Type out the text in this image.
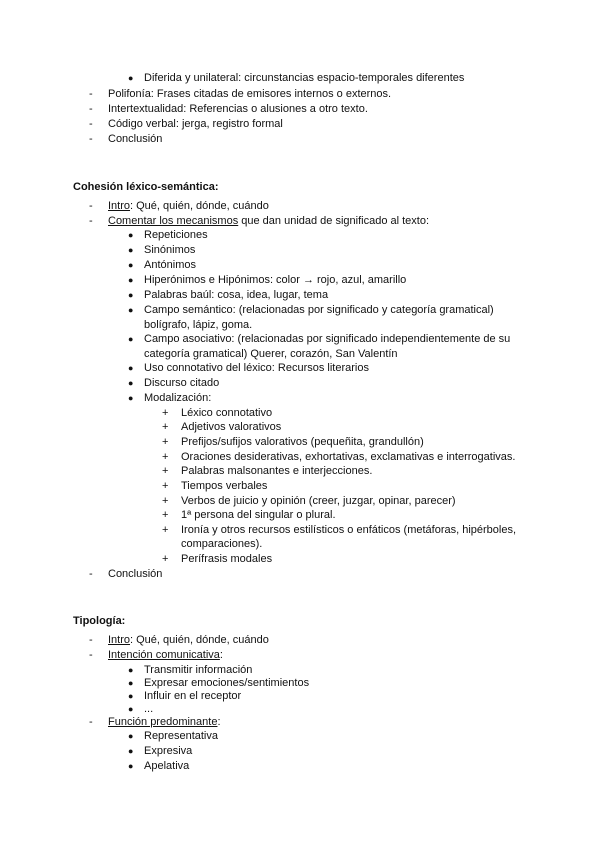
● Diferida y unilateral: circunstancias espacio-temporales diferentes
- Polifonía: Frases citadas de emisores internos o externos.
- Intertextualidad: Referencias o alusiones a otro texto.
- Código verbal: jerga, registro formal
- Conclusión
Cohesión léxico-semántica:
- Intro: Qué, quién, dónde, cuándo
- Comentar los mecanismos que dan unidad de significado al texto:
● Repeticiones
● Sinónimos
● Antónimos
● Hiperónimos e Hipónimos: color → rojo, azul, amarillo
● Palabras baúl: cosa, idea, lugar, tema
● Campo semántico: (relacionadas por significado y categoría gramatical)
bolígrafo, lápiz, goma.
● Campo asociativo: (relacionadas por significado independientemente de su
categoría gramatical) Querer, corazón, San Valentín
● Uso connotativo del léxico: Recursos literarios
● Discurso citado
● Modalización:
+ Léxico connotativo
+ Adjetivos valorativos
+ Prefijos/sufijos valorativos (pequeñita, grandullón)
+ Oraciones desiderativas, exhortativas, exclamativas e interrogativas.
+ Palabras malsonantes e interjecciones.
+ Tiempos verbales
+ Verbos de juicio y opinión (creer, juzgar, opinar, parecer)
+ 1ª persona del singular o plural.
+ Ironía y otros recursos estilísticos o enfáticos (metáforas, hipérboles,
comparaciones).
+ Perífrasis modales
- Conclusión
Tipología:
- Intro: Qué, quién, dónde, cuándo
- Intención comunicativa:
● Transmitir información
● Expresar emociones/sentimientos
● Influir en el receptor
● ...
- Función predominante:
● Representativa
● Expresiva
● Apelativa
